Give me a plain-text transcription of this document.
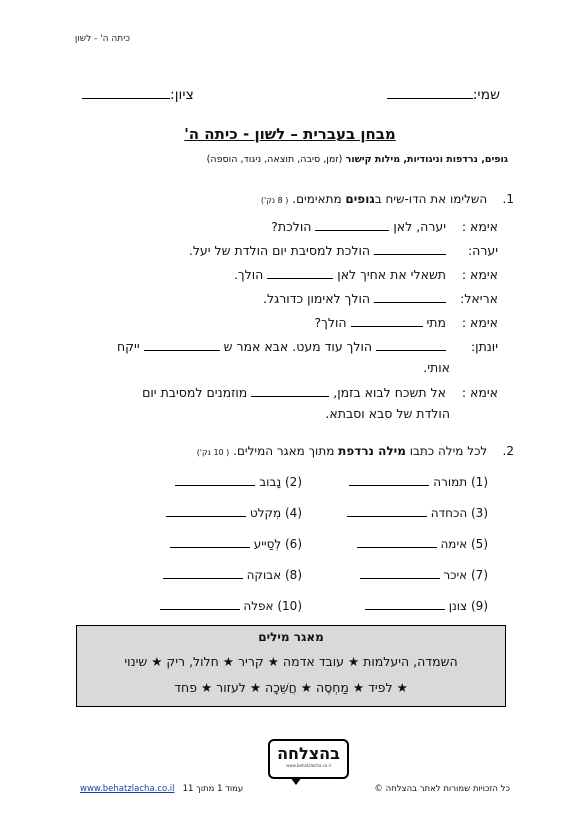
כיתה ה' - לשון
שמי:
ציון:
מבחן בעברית – לשון - כיתה ה'
גופים, נרדפות וניגודיות, מילות קישור (זמן, סיבה, תוצאה, ניגוד, הוספה)
1.    השלימו את הדו-שיח בגופים מתאימים. ( 8 נק')
אימא : יערה, לאן  הולכת?
יערה:  הולכת למסיבת יום הולדת של יעל.
אימא : תשאלי את אחיך לאן  הולך.
אריאל:  הולך לאימון כדורגל.
אימא : מתי  הולך?
יונתן:  הולך עוד מעט. אבא אמר ש  ייקח
אותי.
אימא : אל תשכח לבוא בזמן,  מוזמנים למסיבת יום
הולדת של סבא וסבתא.
2.    לכל מילה כתבו מילה נרדפת מתוך מאגר המילים. ( 10 נק')
(1) תמורה
(3) הכחדה
(5) אימה
(7) איכר
(9) צונן
(2) נָבוב
(4) מִקלט
(6) לְסַייע
(8) אבוקה
(10) אפלה
מאגר מילים
השמדה, היעלמות ★ עובד אדמה ★ קריר ★ חלול, ריק ★ שינוי
★ לפיד ★ מַחְסֶה ★ חֲשֵׁכָה ★ לעזור ★ פחד
בהצלחה
www.behatzlacha.co.il
כל הזכויות שמורות לאתר בהצלחה ©
עמוד 1 מתוך 11   www.behatzlacha.co.il
